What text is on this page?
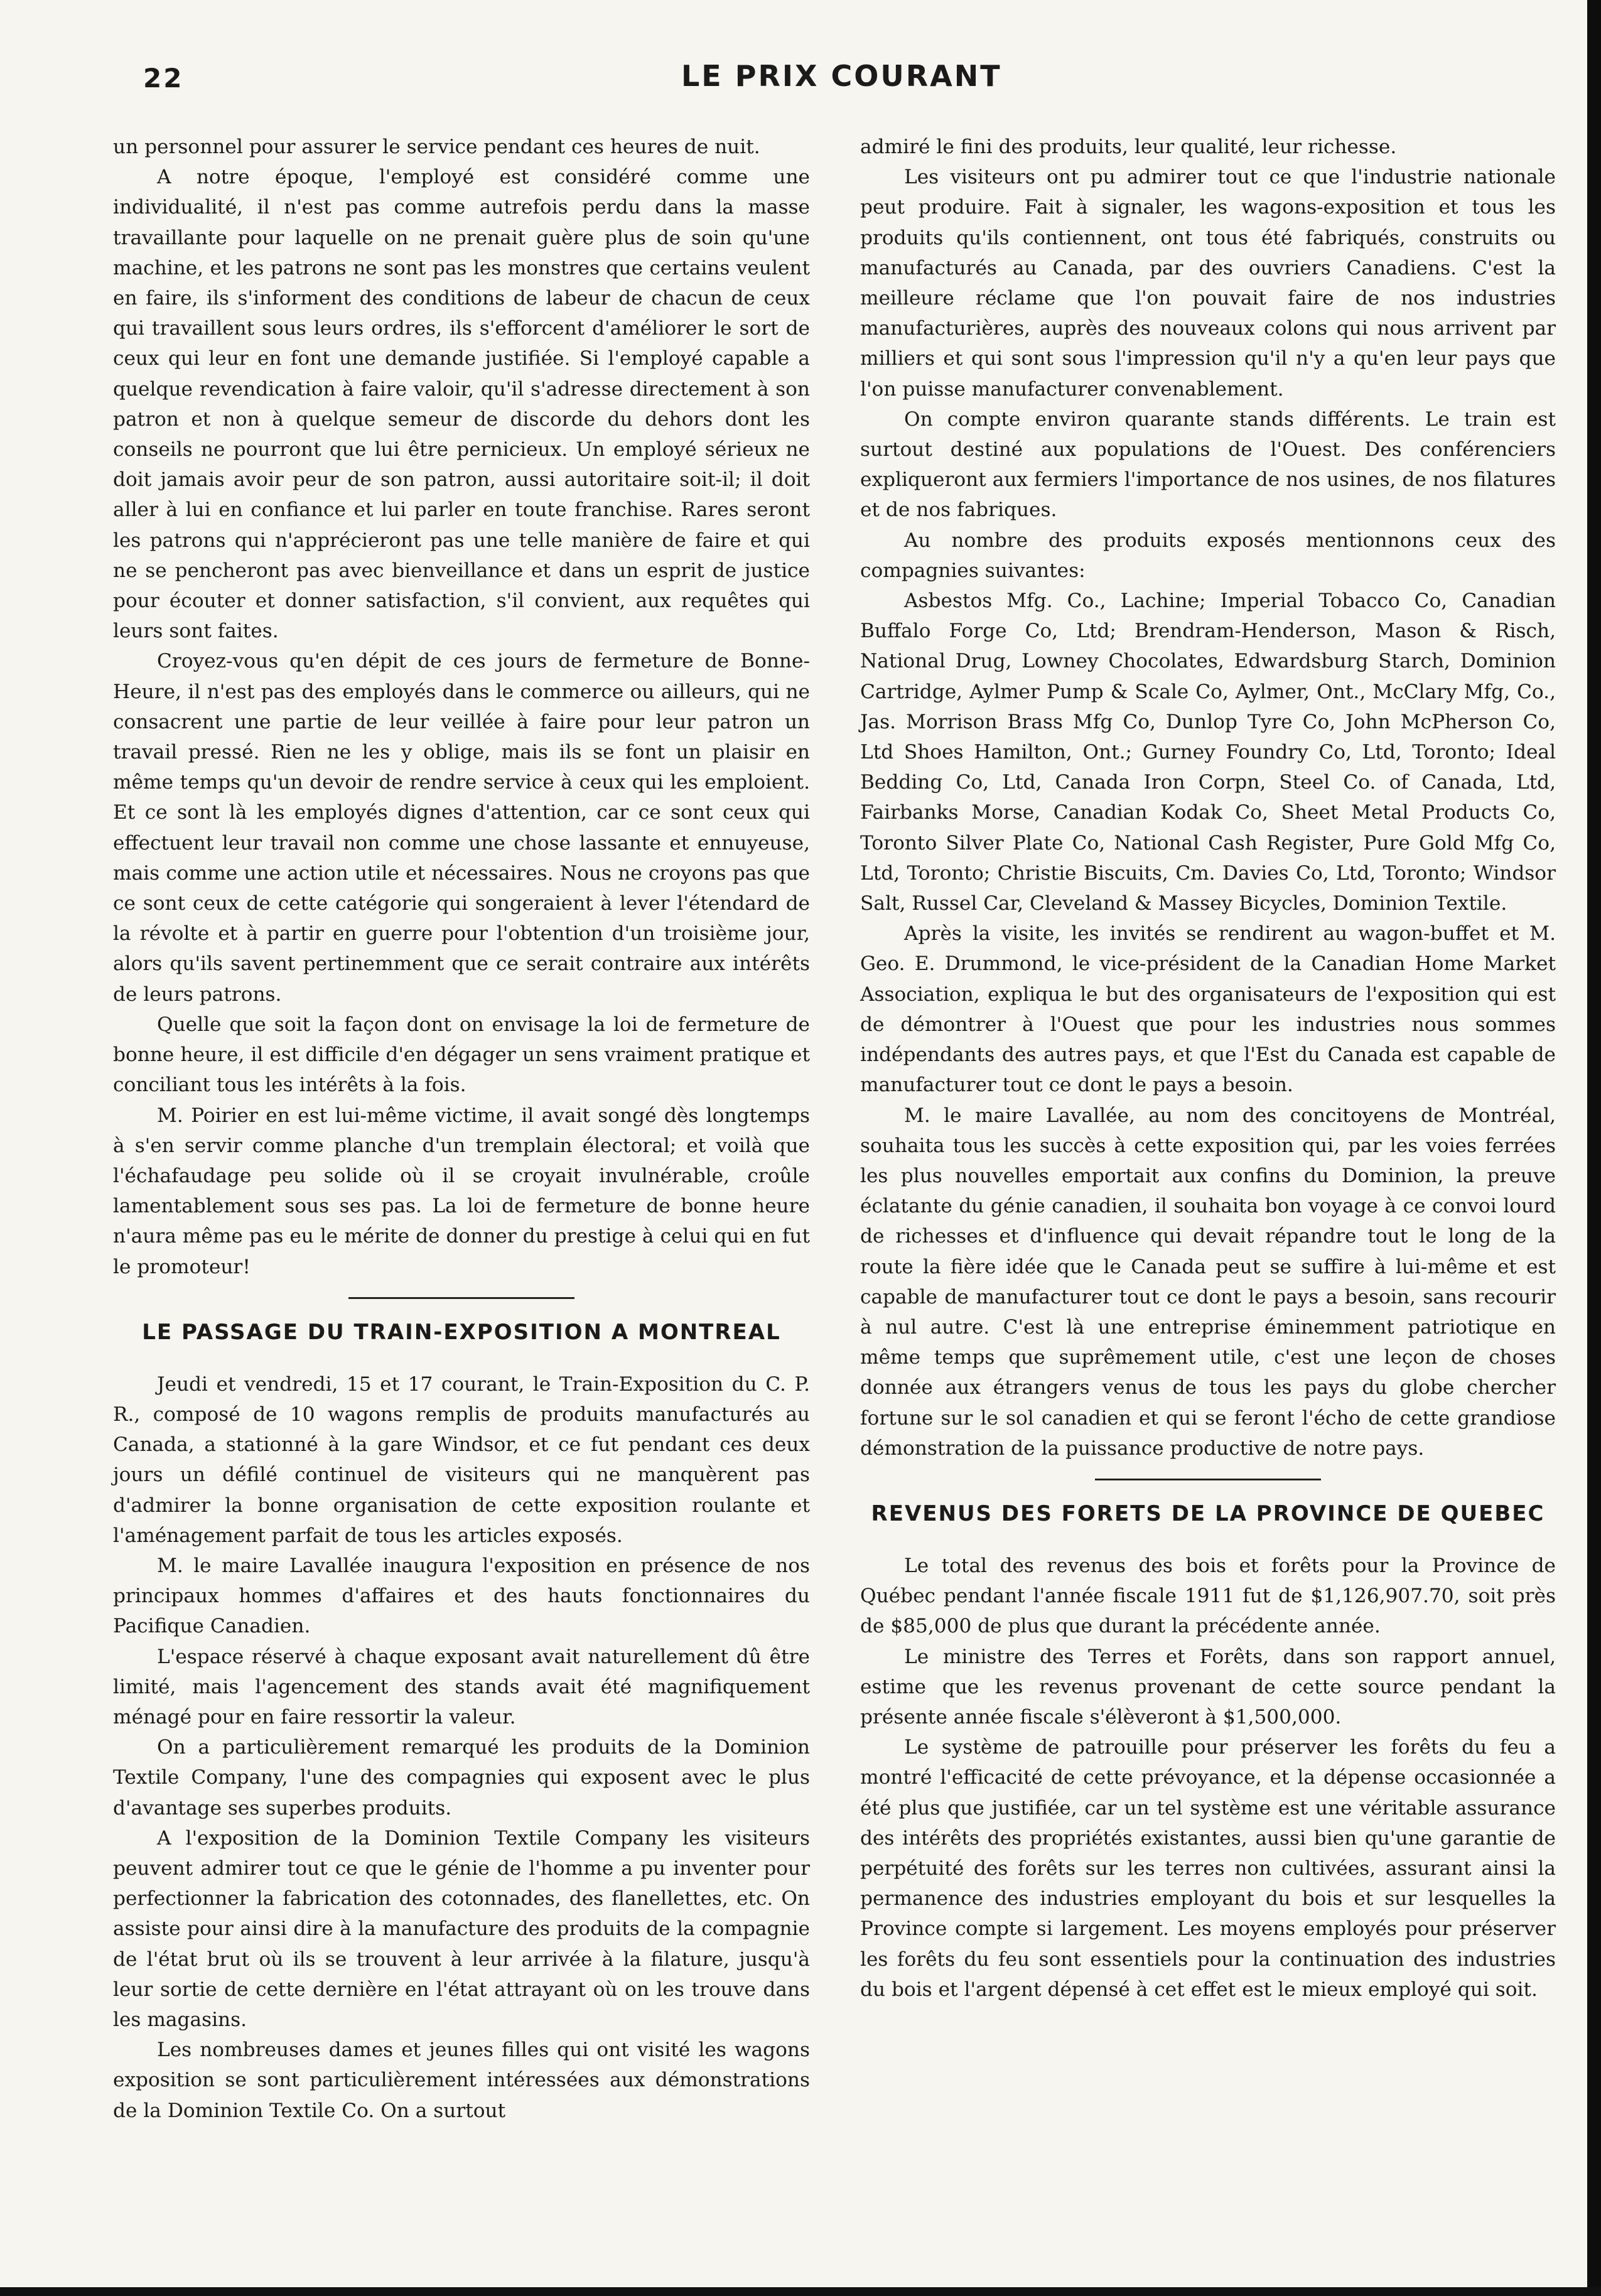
22	LE PRIX COURANT

un personnel pour assurer le service pendant ces heures de nuit.

A notre époque, l'employé est considéré comme une individualité, il n'est pas comme autrefois perdu dans la masse travaillante pour laquelle on ne prenait guère plus de soin qu'une machine, et les patrons ne sont pas les monstres que certains veulent en faire, ils s'informent des conditions de labeur de chacun de ceux qui travaillent sous leurs ordres, ils s'efforcent d'améliorer le sort de ceux qui leur en font une demande justifiée. Si l'employé capable a quelque revendication à faire valoir, qu'il s'adresse directement à son patron et non à quelque semeur de discorde du dehors dont les conseils ne pourront que lui être pernicieux. Un employé sérieux ne doit jamais avoir peur de son patron, aussi autoritaire soit-il; il doit aller à lui en confiance et lui parler en toute franchise. Rares seront les patrons qui n'apprécieront pas une telle manière de faire et qui ne se pencheront pas avec bienveillance et dans un esprit de justice pour écouter et donner satisfaction, s'il convient, aux requêtes qui leurs sont faites.

Croyez-vous qu'en dépit de ces jours de fermeture de Bonne-Heure, il n'est pas des employés dans le commerce ou ailleurs, qui ne consacrent une partie de leur veillée à faire pour leur patron un travail pressé. Rien ne les y oblige, mais ils se font un plaisir en même temps qu'un devoir de rendre service à ceux qui les emploient. Et ce sont là les employés dignes d'attention, car ce sont ceux qui effectuent leur travail non comme une chose lassante et ennuyeuse, mais comme une action utile et nécessaires. Nous ne croyons pas que ce sont ceux de cette catégorie qui songeraient à lever l'étendard de la révolte et à partir en guerre pour l'obtention d'un troisième jour, alors qu'ils savent pertinemment que ce serait contraire aux intérêts de leurs patrons.

Quelle que soit la façon dont on envisage la loi de fermeture de bonne heure, il est difficile d'en dégager un sens vraiment pratique et conciliant tous les intérêts à la fois.

M. Poirier en est lui-même victime, il avait songé dès longtemps à s'en servir comme planche d'un tremplain électoral; et voilà que l'échafaudage peu solide où il se croyait invulnérable, croûle lamentablement sous ses pas. La loi de fermeture de bonne heure n'aura même pas eu le mérite de donner du prestige à celui qui en fut le promoteur!

LE PASSAGE DU TRAIN-EXPOSITION A MONTREAL

Jeudi et vendredi, 15 et 17 courant, le Train-Exposition du C. P. R., composé de 10 wagons remplis de produits manufacturés au Canada, a stationné à la gare Windsor, et ce fut pendant ces deux jours un défilé continuel de visiteurs qui ne manquèrent pas d'admirer la bonne organisation de cette exposition roulante et l'aménagement parfait de tous les articles exposés.

M. le maire Lavallée inaugura l'exposition en présence de nos principaux hommes d'affaires et des hauts fonctionnaires du Pacifique Canadien.

L'espace réservé à chaque exposant avait naturellement dû être limité, mais l'agencement des stands avait été magnifiquement ménagé pour en faire ressortir la valeur.

On a particulièrement remarqué les produits de la Dominion Textile Company, l'une des compagnies qui exposent avec le plus d'avantage ses superbes produits.

A l'exposition de la Dominion Textile Company les visiteurs peuvent admirer tout ce que le génie de l'homme a pu inventer pour perfectionner la fabrication des cotonnades, des flanellettes, etc. On assiste pour ainsi dire à la manufacture des produits de la compagnie de l'état brut où ils se trouvent à leur arrivée à la filature, jusqu'à leur sortie de cette dernière en l'état attrayant où on les trouve dans les magasins.

Les nombreuses dames et jeunes filles qui ont visité les wagons exposition se sont particulièrement intéressées aux démonstrations de la Dominion Textile Co. On a surtout

admiré le fini des produits, leur qualité, leur richesse.

Les visiteurs ont pu admirer tout ce que l'industrie nationale peut produire. Fait à signaler, les wagons-exposition et tous les produits qu'ils contiennent, ont tous été fabriqués, construits ou manufacturés au Canada, par des ouvriers Canadiens. C'est la meilleure réclame que l'on pouvait faire de nos industries manufacturières, auprès des nouveaux colons qui nous arrivent par milliers et qui sont sous l'impression qu'il n'y a qu'en leur pays que l'on puisse manufacturer convenablement.

On compte environ quarante stands différents. Le train est surtout destiné aux populations de l'Ouest. Des conférenciers expliqueront aux fermiers l'importance de nos usines, de nos filatures et de nos fabriques.

Au nombre des produits exposés mentionnons ceux des compagnies suivantes:

Asbestos Mfg. Co., Lachine; Imperial Tobacco Co, Canadian Buffalo Forge Co, Ltd; Brendram-Henderson, Mason & Risch, National Drug, Lowney Chocolates, Edwardsburg Starch, Dominion Cartridge, Aylmer Pump & Scale Co, Aylmer, Ont., McClary Mfg, Co., Jas. Morrison Brass Mfg Co, Dunlop Tyre Co, John McPherson Co, Ltd Shoes Hamilton, Ont.; Gurney Foundry Co, Ltd, Toronto; Ideal Bedding Co, Ltd, Canada Iron Corpn, Steel Co. of Canada, Ltd, Fairbanks Morse, Canadian Kodak Co, Sheet Metal Products Co, Toronto Silver Plate Co, National Cash Register, Pure Gold Mfg Co, Ltd, Toronto; Christie Biscuits, Cm. Davies Co, Ltd, Toronto; Windsor Salt, Russel Car, Cleveland & Massey Bicycles, Dominion Textile.

Après la visite, les invités se rendirent au wagon-buffet et M. Geo. E. Drummond, le vice-président de la Canadian Home Market Association, expliqua le but des organisateurs de l'exposition qui est de démontrer à l'Ouest que pour les industries nous sommes indépendants des autres pays, et que l'Est du Canada est capable de manufacturer tout ce dont le pays a besoin.

M. le maire Lavallée, au nom des concitoyens de Montréal, souhaita tous les succès à cette exposition qui, par les voies ferrées les plus nouvelles emportait aux confins du Dominion, la preuve éclatante du génie canadien, il souhaita bon voyage à ce convoi lourd de richesses et d'influence qui devait répandre tout le long de la route la fière idée que le Canada peut se suffire à lui-même et est capable de manufacturer tout ce dont le pays a besoin, sans recourir à nul autre. C'est là une entreprise éminemment patriotique en même temps que suprêmement utile, c'est une leçon de choses donnée aux étrangers venus de tous les pays du globe chercher fortune sur le sol canadien et qui se feront l'écho de cette grandiose démonstration de la puissance productive de notre pays.

REVENUS DES FORETS DE LA PROVINCE DE QUEBEC

Le total des revenus des bois et forêts pour la Province de Québec pendant l'année fiscale 1911 fut de $1,126,907.70, soit près de $85,000 de plus que durant la précédente année.

Le ministre des Terres et Forêts, dans son rapport annuel, estime que les revenus provenant de cette source pendant la présente année fiscale s'élèveront à $1,500,000.

Le système de patrouille pour préserver les forêts du feu a montré l'efficacité de cette prévoyance, et la dépense occasionnée a été plus que justifiée, car un tel système est une véritable assurance des intérêts des propriétés existantes, aussi bien qu'une garantie de perpétuité des forêts sur les terres non cultivées, assurant ainsi la permanence des industries employant du bois et sur lesquelles la Province compte si largement. Les moyens employés pour préserver les forêts du feu sont essentiels pour la continuation des industries du bois et l'argent dépensé à cet effet est le mieux employé qui soit.
